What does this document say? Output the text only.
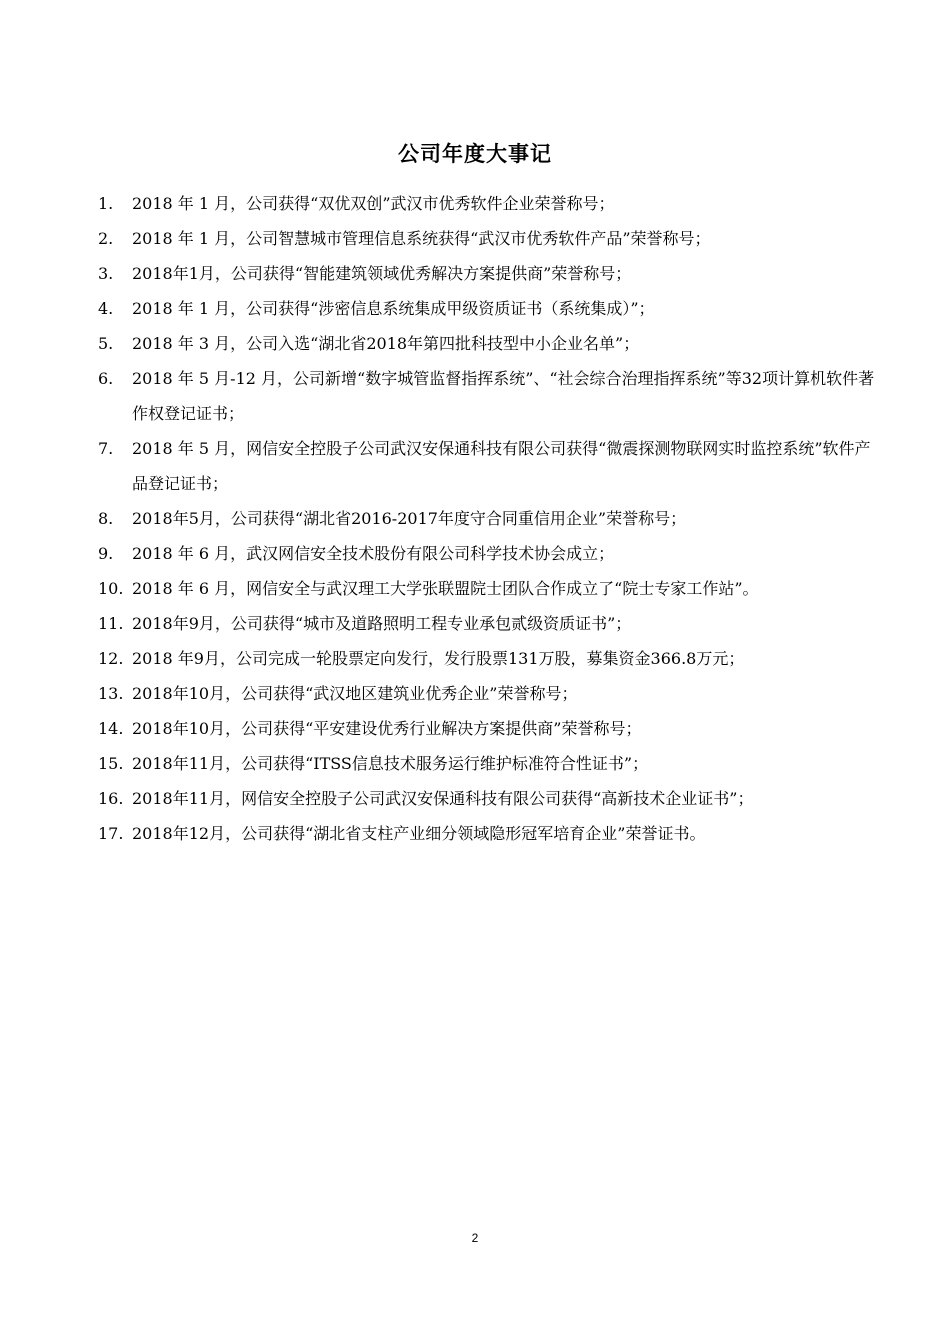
公司年度大事记
1. 2018 年 1 月，公司获得“双优双创”武汉市优秀软件企业荣誉称号；
2. 2018 年 1 月，公司智慧城市管理信息系统获得“武汉市优秀软件产品”荣誉称号；
3. 2018年1月，公司获得“智能建筑领域优秀解决方案提供商”荣誉称号；
4. 2018 年 1 月，公司获得“涉密信息系统集成甲级资质证书（系统集成）”；
5. 2018 年 3 月，公司入选“湖北省2018年第四批科技型中小企业名单”；
6. 2018 年 5 月-12 月，公司新增“数字城管监督指挥系统”、“社会综合治理指挥系统”等32项计算机软件著作权登记证书；
7. 2018 年 5 月，网信安全控股子公司武汉安保通科技有限公司获得“微震探测物联网实时监控系统”软件产品登记证书；
8. 2018年5月，公司获得“湖北省2016-2017年度守合同重信用企业”荣誉称号；
9. 2018 年 6 月，武汉网信安全技术股份有限公司科学技术协会成立；
10. 2018 年 6 月，网信安全与武汉理工大学张联盟院士团队合作成立了“院士专家工作站”。
11. 2018年9月，公司获得“城市及道路照明工程专业承包贰级资质证书”；
12. 2018 年9月，公司完成一轮股票定向发行，发行股票131万股，募集资金366.8万元；
13. 2018年10月，公司获得“武汉地区建筑业优秀企业”荣誉称号；
14. 2018年10月，公司获得“平安建设优秀行业解决方案提供商”荣誉称号；
15. 2018年11月，公司获得“ITSS信息技术服务运行维护标准符合性证书”；
16. 2018年11月，网信安全控股子公司武汉安保通科技有限公司获得“高新技术企业证书”；
17. 2018年12月，公司获得“湖北省支柱产业细分领域隐形冠军培育企业”荣誉证书。
2
